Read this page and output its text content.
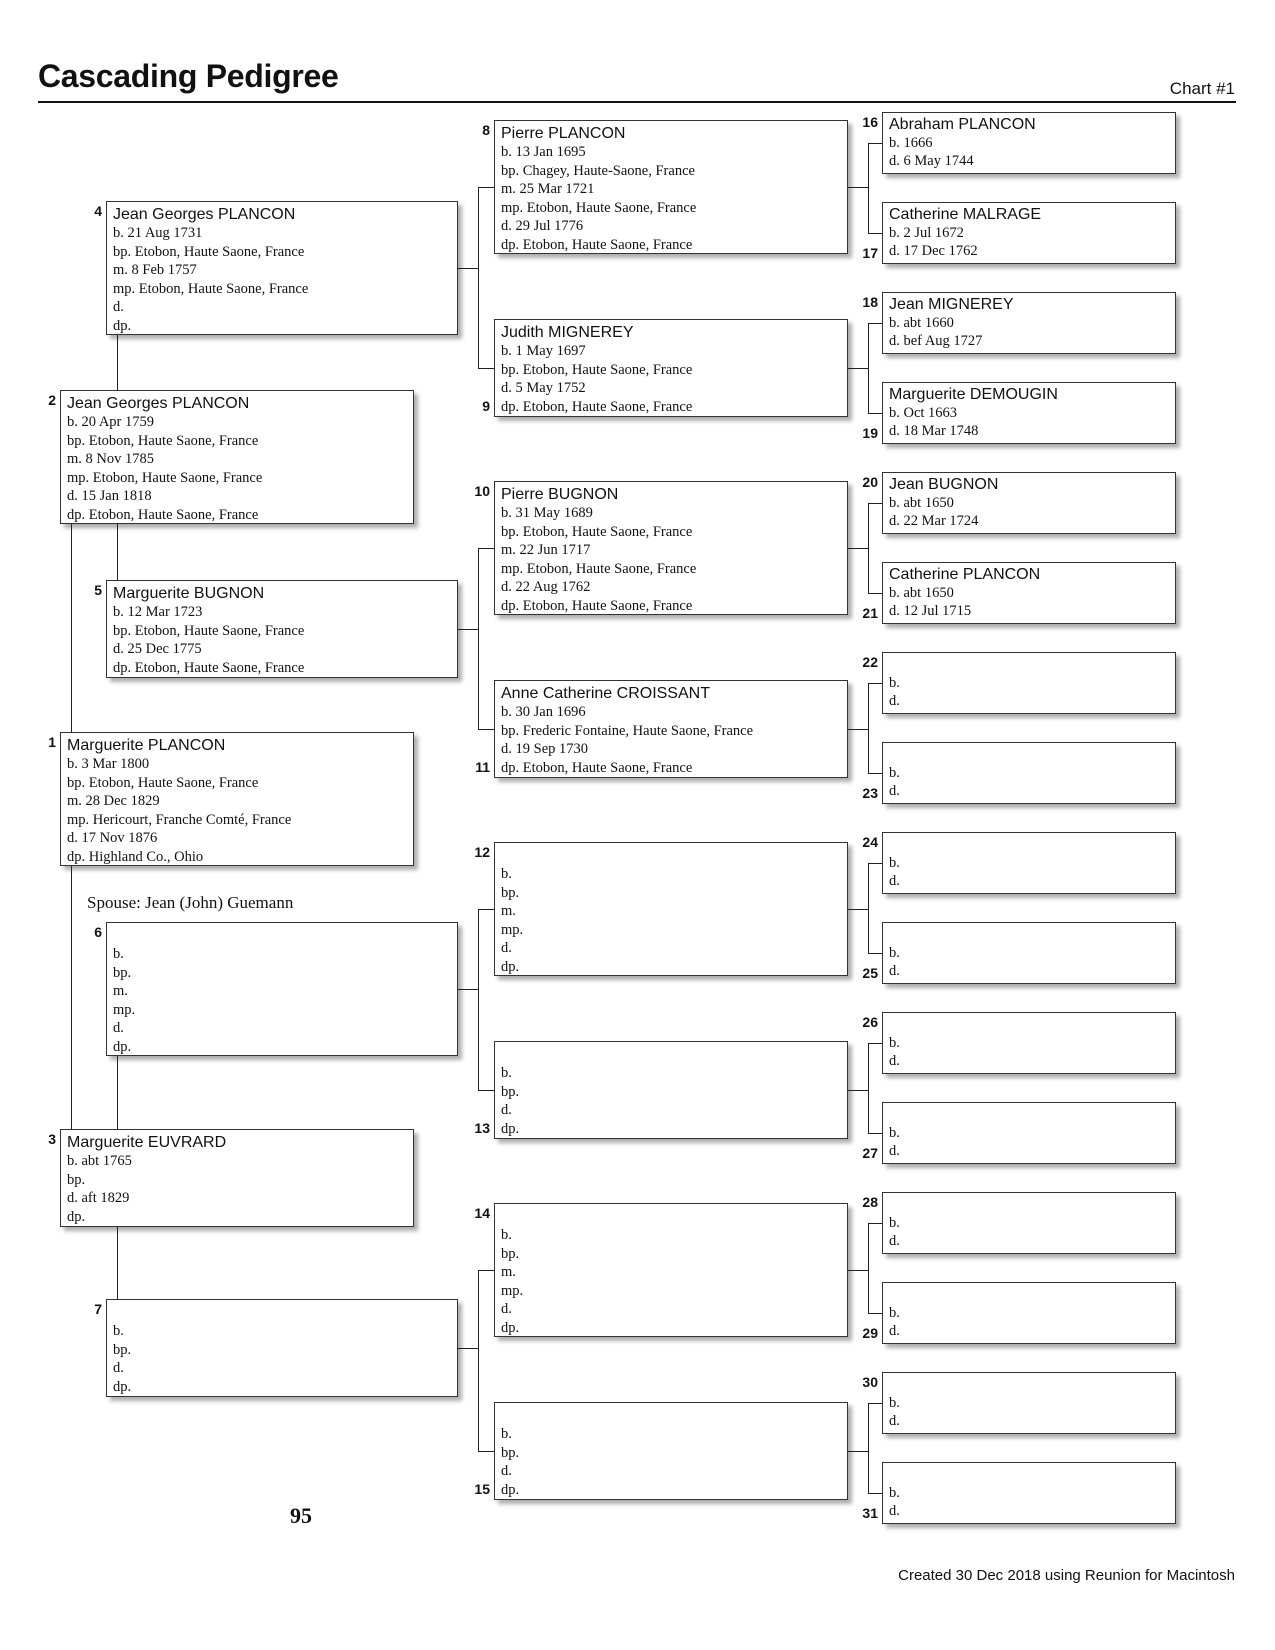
Cascading Pedigree	Chart #1
Marguerite PLANCON
b. 3 Mar 1800
bp. Etobon, Haute Saone, France
m. 28 Dec 1829
mp. Hericourt, Franche Comté, France
d. 17 Nov 1876
dp. Highland Co., Ohio
1
Jean Georges PLANCON
b. 20 Apr 1759
bp. Etobon, Haute Saone, France
m. 8 Nov 1785
mp. Etobon, Haute Saone, France
d. 15 Jan 1818
dp. Etobon, Haute Saone, France
2
Marguerite EUVRARD
b. abt 1765
bp.
d. aft 1829
dp.
3
Jean Georges PLANCON
b. 21 Aug 1731
bp. Etobon, Haute Saone, France
m. 8 Feb 1757
mp. Etobon, Haute Saone, France
d.
dp.
4
Marguerite BUGNON
b. 12 Mar 1723
bp. Etobon, Haute Saone, France
d. 25 Dec 1775
dp. Etobon, Haute Saone, France
5

b.
bp.
m.
mp.
d.
dp.
6

b.
bp.
d.
dp.
7
Pierre PLANCON
b. 13 Jan 1695
bp. Chagey, Haute-Saone, France
m. 25 Mar 1721
mp. Etobon, Haute Saone, France
d. 29 Jul 1776
dp. Etobon, Haute Saone, France
8
Judith MIGNEREY
b. 1 May 1697
bp. Etobon, Haute Saone, France
d. 5 May 1752
dp. Etobon, Haute Saone, France
9
Pierre BUGNON
b. 31 May 1689
bp. Etobon, Haute Saone, France
m. 22 Jun 1717
mp. Etobon, Haute Saone, France
d. 22 Aug 1762
dp. Etobon, Haute Saone, France
10
Anne Catherine CROISSANT
b. 30 Jan 1696
bp. Frederic Fontaine, Haute Saone, France
d. 19 Sep 1730
dp. Etobon, Haute Saone, France
11

b.
bp.
m.
mp.
d.
dp.
12

b.
bp.
d.
dp.
13

b.
bp.
m.
mp.
d.
dp.
14

b.
bp.
d.
dp.
15
Abraham PLANCON
b. 1666
d. 6 May 1744
16
Catherine MALRAGE
b. 2 Jul 1672
d. 17 Dec 1762
17
Jean MIGNEREY
b. abt 1660
d. bef Aug 1727
18
Marguerite DEMOUGIN
b. Oct 1663
d. 18 Mar 1748
19
Jean BUGNON
b. abt 1650
d. 22 Mar 1724
20
Catherine PLANCON
b. abt 1650
d. 12 Jul 1715
21

b.
d.
22

b.
d.
23

b.
d.
24

b.
d.
25

b.
d.
26

b.
d.
27

b.
d.
28

b.
d.
29

b.
d.
30

b.
d.
31
Spouse: Jean (John) Guemann
95
Created 30 Dec 2018 using Reunion for Macintosh
